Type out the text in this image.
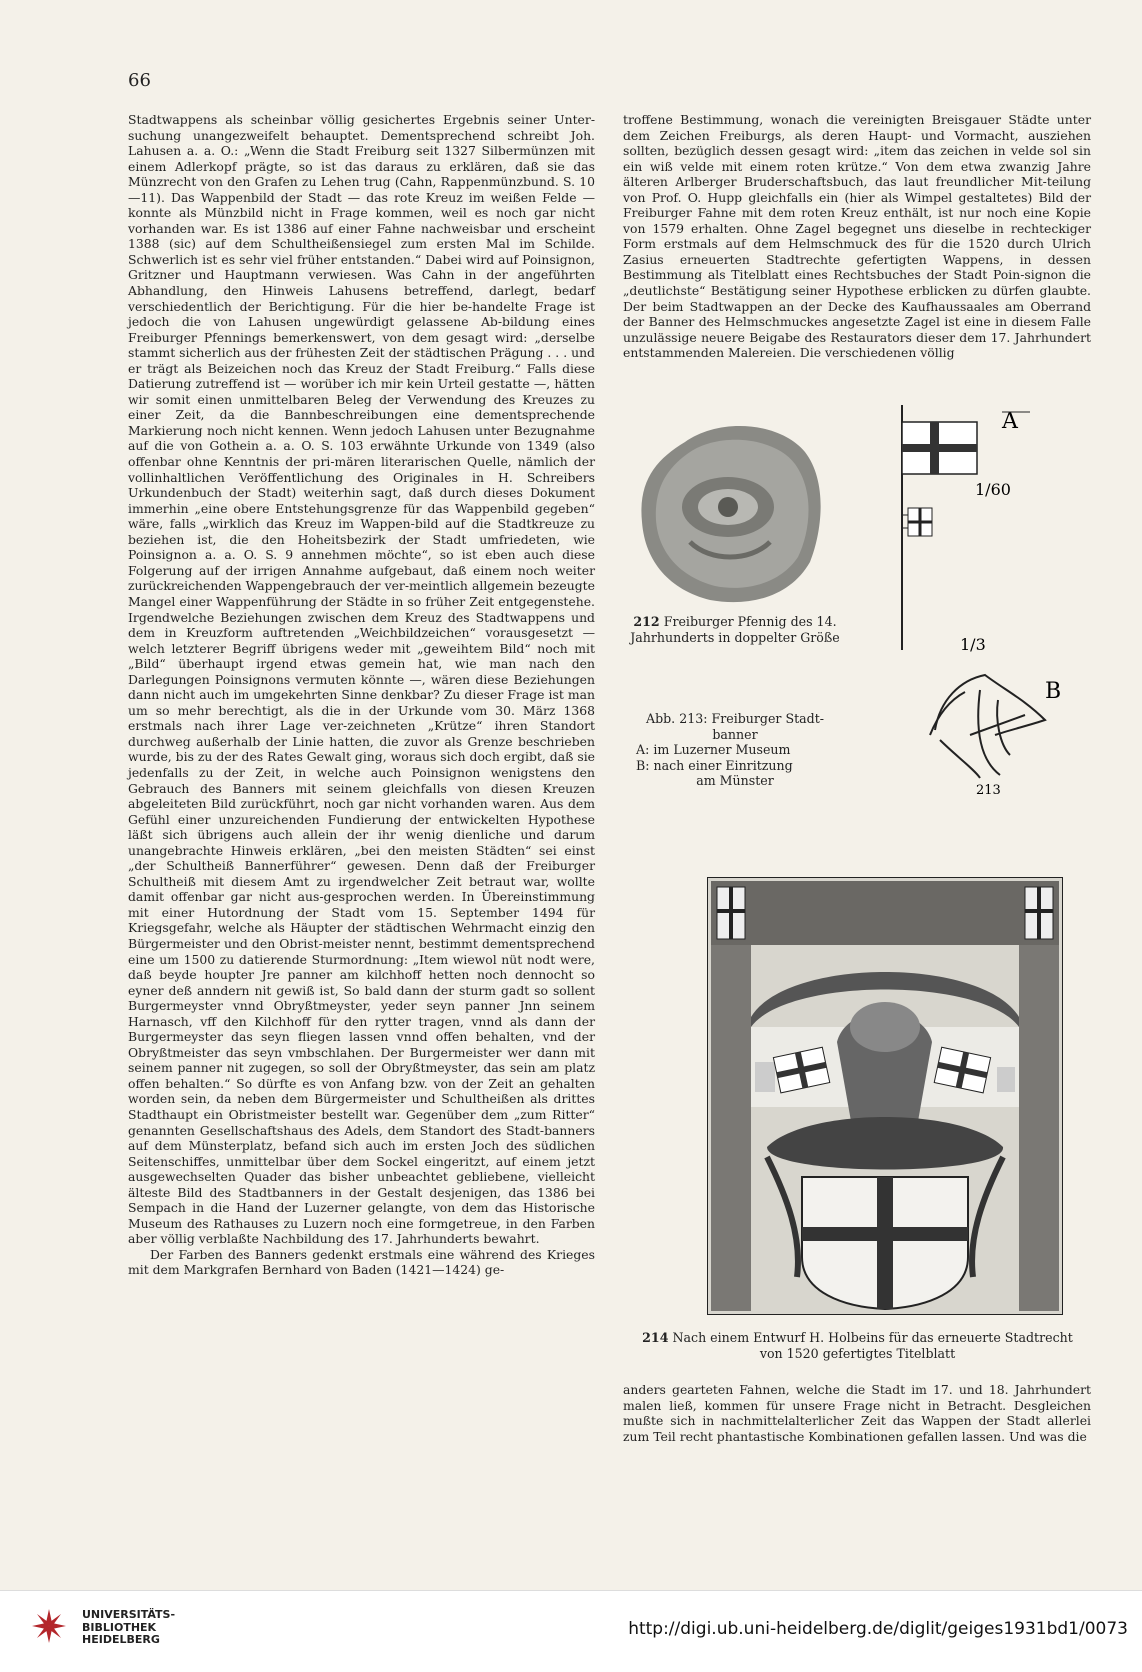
66

Stadtwappens als scheinbar völlig gesichertes Ergebnis seiner Unter-suchung unangezweifelt behauptet. Dementsprechend schreibt Joh. Lahusen a. a. O.: „Wenn die Stadt Freiburg seit 1327 Silbermünzen mit einem Adlerkopf prägte, so ist das daraus zu erklären, daß sie das Münzrecht von den Grafen zu Lehen trug (Cahn, Rappenmünzbund. S. 10—11). Das Wappenbild der Stadt — das rote Kreuz im weißen Felde — konnte als Münzbild nicht in Frage kommen, weil es noch gar nicht vorhanden war. Es ist 1386 auf einer Fahne nachweisbar und erscheint 1388 (sic) auf dem Schultheißensiegel zum ersten Mal im Schilde. Schwerlich ist es sehr viel früher entstanden.“ Dabei wird auf Poinsignon, Gritzner und Hauptmann verwiesen. Was Cahn in der angeführten Abhandlung, den Hinweis Lahusens betreffend, darlegt, bedarf verschiedentlich der Berichtigung. Für die hier be-handelte Frage ist jedoch die von Lahusen ungewürdigt gelassene Ab-bildung eines Freiburger Pfennings bemerkenswert, von dem gesagt wird: „derselbe stammt sicherlich aus der frühesten Zeit der städtischen Prägung . . . und er trägt als Beizeichen noch das Kreuz der Stadt Freiburg.“ Falls diese Datierung zutreffend ist — worüber ich mir kein Urteil gestatte —, hätten wir somit einen unmittelbaren Beleg der Verwendung des Kreuzes zu einer Zeit, da die Bannbeschreibungen eine dementsprechende Markierung noch nicht kennen. Wenn jedoch Lahusen unter Bezugnahme auf die von Gothein a. a. O. S. 103 erwähnte Urkunde von 1349 (also offenbar ohne Kenntnis der pri-mären literarischen Quelle, nämlich der vollinhaltlichen Veröffentlichung des Originales in H. Schreibers Urkundenbuch der Stadt) weiterhin sagt, daß durch dieses Dokument immerhin „eine obere Entstehungsgrenze für das Wappenbild gegeben“ wäre, falls „wirklich das Kreuz im Wappen-bild auf die Stadtkreuze zu beziehen ist, die den Hoheitsbezirk der Stadt umfriedeten, wie Poinsignon a. a. O. S. 9 annehmen möchte“, so ist eben auch diese Folgerung auf der irrigen Annahme aufgebaut, daß einem noch weiter zurückreichenden Wappengebrauch der ver-meintlich allgemein bezeugte Mangel einer Wappenführung der Städte in so früher Zeit entgegenstehe. Irgendwelche Beziehungen zwischen dem Kreuz des Stadtwappens und dem in Kreuzform auftretenden „Weichbildzeichen“ vorausgesetzt — welch letzterer Begriff übrigens weder mit „geweihtem Bild“ noch mit „Bild“ überhaupt irgend etwas gemein hat, wie man nach den Darlegungen Poinsignons vermuten könnte —, wären diese Beziehungen dann nicht auch im umgekehrten Sinne denkbar? Zu dieser Frage ist man um so mehr berechtigt, als die in der Urkunde vom 30. März 1368 erstmals nach ihrer Lage ver-zeichneten „Krütze“ ihren Standort durchweg außerhalb der Linie hatten, die zuvor als Grenze beschrieben wurde, bis zu der des Rates Gewalt ging, woraus sich doch ergibt, daß sie jedenfalls zu der Zeit, in welche auch Poinsignon wenigstens den Gebrauch des Banners mit seinem gleichfalls von diesen Kreuzen abgeleiteten Bild zurückführt, noch gar nicht vorhanden waren. Aus dem Gefühl einer unzureichenden Fundierung der entwickelten Hypothese läßt sich übrigens auch allein der ihr wenig dienliche und darum unangebrachte Hinweis erklären, „bei den meisten Städten“ sei einst „der Schultheiß Bannerführer“ gewesen. Denn daß der Freiburger Schultheiß mit diesem Amt zu irgendwelcher Zeit betraut war, wollte damit offenbar gar nicht aus-gesprochen werden. In Übereinstimmung mit einer Hutordnung der Stadt vom 15. September 1494 für Kriegsgefahr, welche als Häupter der städtischen Wehrmacht einzig den Bürgermeister und den Obrist-meister nennt, bestimmt dementsprechend eine um 1500 zu datierende Sturmordnung: „Item wiewol nüt nodt were, daß beyde houpter Jre panner am kilchhoff hetten noch dennocht so eyner deß anndern nit gewiß ist, So bald dann der sturm gadt so sollent Burgermeyster vnnd Obryßtmeyster, yeder seyn panner Jnn seinem Harnasch, vff den Kilchhoff für den rytter tragen, vnnd als dann der Burgermeyster das seyn fliegen lassen vnnd offen behalten, vnd der Obryßtmeister das seyn vmbschlahen. Der Burgermeister wer dann mit seinem panner nit zugegen, so soll der Obryßtmeyster, das sein am platz offen behalten.“ So dürfte es von Anfang bzw. von der Zeit an gehalten worden sein, da neben dem Bürgermeister und Schultheißen als drittes Stadthaupt ein Obristmeister bestellt war. Gegenüber dem „zum Ritter“ genannten Gesellschaftshaus des Adels, dem Standort des Stadt-banners auf dem Münsterplatz, befand sich auch im ersten Joch des südlichen Seitenschiffes, unmittelbar über dem Sockel eingeritzt, auf einem jetzt ausgewechselten Quader das bisher unbeachtet gebliebene, vielleicht älteste Bild des Stadtbanners in der Gestalt desjenigen, das 1386 bei Sempach in die Hand der Luzerner gelangte, von dem das Historische Museum des Rathauses zu Luzern noch eine formgetreue, in den Farben aber völlig verblaßte Nachbildung des 17. Jahrhunderts bewahrt.

Der Farben des Banners gedenkt erstmals eine während des Krieges mit dem Markgrafen Bernhard von Baden (1421—1424) ge-

troffene Bestimmung, wonach die vereinigten Breisgauer Städte unter dem Zeichen Freiburgs, als deren Haupt- und Vormacht, ausziehen sollten, bezüglich dessen gesagt wird: „item das zeichen in velde sol sin ein wiß velde mit einem roten krütze.“ Von dem etwa zwanzig Jahre älteren Arlberger Bruderschaftsbuch, das laut freundlicher Mit-teilung von Prof. O. Hupp gleichfalls ein (hier als Wimpel gestaltetes) Bild der Freiburger Fahne mit dem roten Kreuz enthält, ist nur noch eine Kopie von 1579 erhalten. Ohne Zagel begegnet uns dieselbe in rechteckiger Form erstmals auf dem Helmschmuck des für die 1520 durch Ulrich Zasius erneuerten Stadtrechte gefertigten Wappens, in dessen Bestimmung als Titelblatt eines Rechtsbuches der Stadt Poin-signon die „deutlichste“ Bestätigung seiner Hypothese erblicken zu dürfen glaubte. Der beim Stadtwappen an der Decke des Kaufhaussaales am Oberrand der Banner des Helmschmuckes angesetzte Zagel ist eine in diesem Falle unzulässige neuere Beigabe des Restaurators dieser dem 17. Jahrhundert entstammenden Malereien. Die verschiedenen völlig

212 Freiburger Pfennig des 14. Jahrhunderts in doppelter Größe
Abb. 213: Freiburger Stadt-
banner
A: im Luzerner Museum
B: nach einer Einritzung
am Münster
A
1/60
1/3
B
213
214 Nach einem Entwurf H. Holbeins für das erneuerte Stadtrecht
von 1520 gefertigtes Titelblatt

anders gearteten Fahnen, welche die Stadt im 17. und 18. Jahrhundert malen ließ, kommen für unsere Frage nicht in Betracht. Desgleichen mußte sich in nachmittelalterlicher Zeit das Wappen der Stadt allerlei zum Teil recht phantastische Kombinationen gefallen lassen. Und was die

UNIVERSITÄTS-
BIBLIOTHEK
HEIDELBERG
http://digi.ub.uni-heidelberg.de/diglit/geiges1931bd1/0073
